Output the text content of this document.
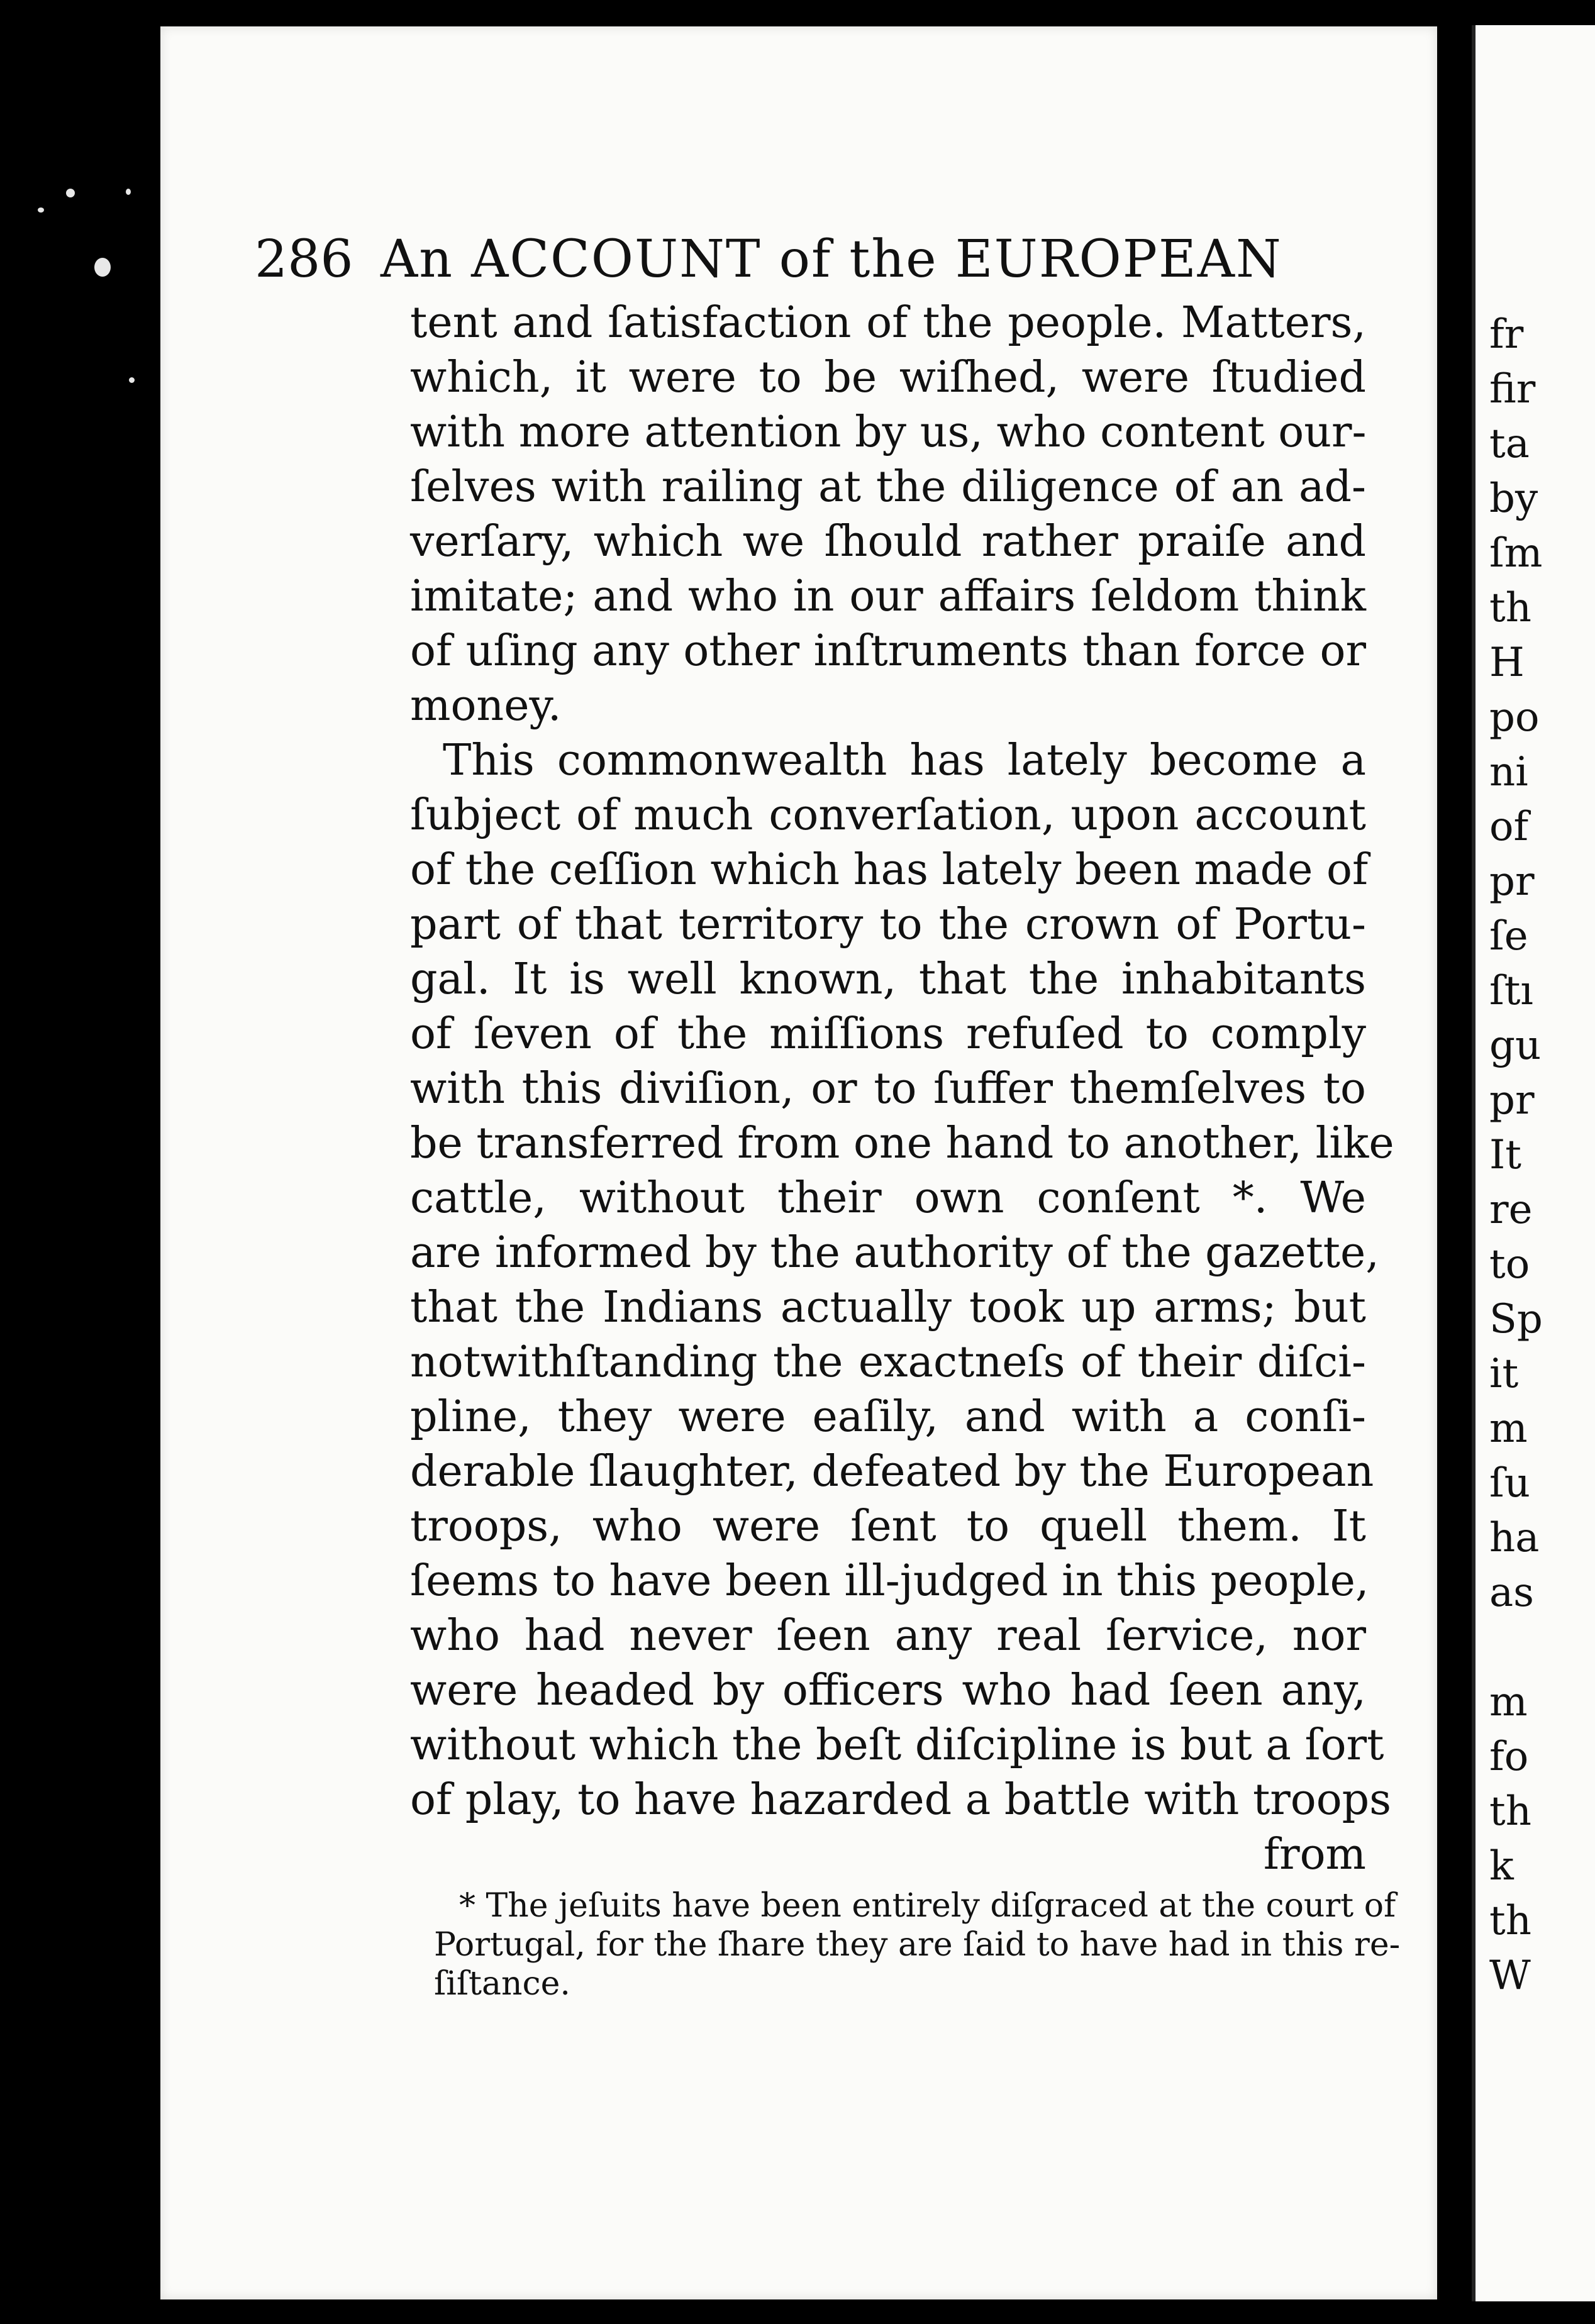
fr
fir
ta
by
ſm
th
H
po
ni
of
pr
ſe
ſtı
gu
pr
It
re
to
Sp
it
m
ſu
ha
as
m
fo
th
k
th
W
286 An ACCOUNT of the EUROPEAN
tent and ſatisfaction of the people. Matters,
which, it were to be wiſhed, were ſtudied
with more attention by us, who content our-
ſelves with railing at the diligence of an ad-
verſary, which we ſhould rather praiſe and
imitate; and who in our affairs ſeldom think
of uſing any other inſtruments than force or
money.
This commonwealth has lately become a
ſubject of much converſation, upon account
of the ceſſion which has lately been made of
part of that territory to the crown of Portu-
gal. It is well known, that the inhabitants
of ſeven of the miſſions refuſed to comply
with this diviſion, or to ſuffer themſelves to
be transferred from one hand to another, like
cattle, without their own conſent *. We
are informed by the authority of the gazette,
that the Indians actually took up arms; but
notwithſtanding the exactneſs of their diſci-
pline, they were eaſily, and with a conſi-
derable ſlaughter, defeated by the European
troops, who were ſent to quell them. It
ſeems to have been ill-judged in this people,
who had never ſeen any real ſervice, nor
were headed by officers who had ſeen any,
without which the beſt diſcipline is but a ſort
of play, to have hazarded a battle with troops
from
* The jeſuits have been entirely diſgraced at the court of
Portugal, for the ſhare they are ſaid to have had in this re-
ſiſtance.
